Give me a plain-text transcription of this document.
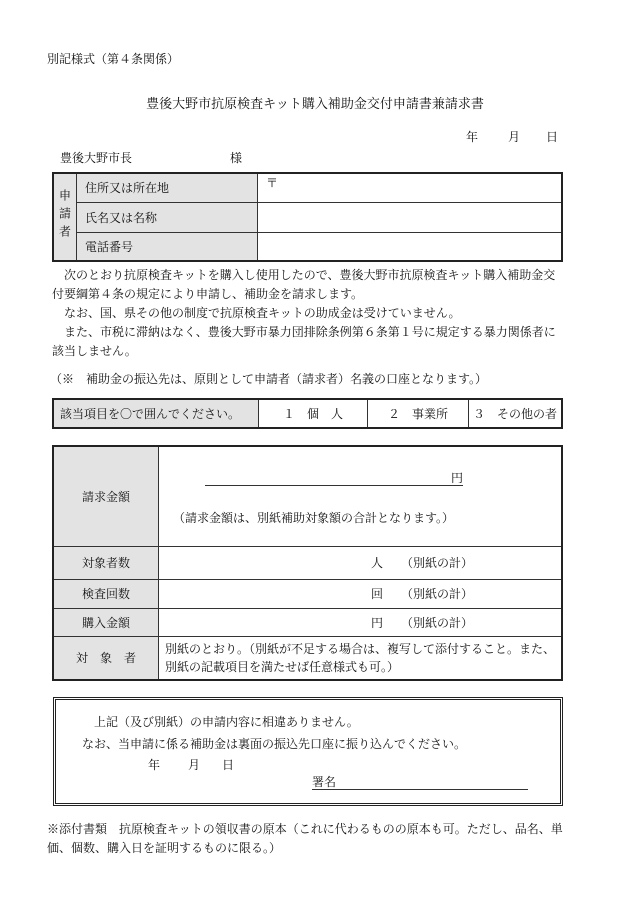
別記様式（第４条関係）
豊後大野市抗原検査キット購入補助金交付申請書兼請求書
年 月 日
豊後大野市長	様
申請者	住所又は所在地	〒
	氏名又は名称	
	電話番号	
　次のとおり抗原検査キットを購入し使用したので、豊後大野市抗原検査キット購入補助金交付要綱第４条の規定により申請し、補助金を請求します。
　なお、国、県その他の制度で抗原検査キットの助成金は受けていません。
　また、市税に滞納はなく、豊後大野市暴力団排除条例第６条第１号に規定する暴力関係者に該当しません。
（※　補助金の振込先は、原則として申請者（請求者）名義の口座となります。）
該当項目を〇で囲んでください。	１　個　人	２　事業所	３　その他の者
請求金額	円
（請求金額は、別紙補助対象額の合計となります。）

対象者数	人 （別紙の計）
検査回数	回 （別紙の計）
購入金額	円 （別紙の計）
対　象　者	別紙のとおり。（別紙が不足する場合は、複写して添付すること。また、別紙の記載項目を満たせば任意様式も可。）
上記（及び別紙）の申請内容に相違ありません。
なお、当申請に係る補助金は裏面の振込先口座に振り込んでください。
年 月 日
署名
※添付書類　抗原検査キットの領収書の原本（これに代わるものの原本も可。ただし、品名、単価、個数、購入日を証明するものに限る。）
